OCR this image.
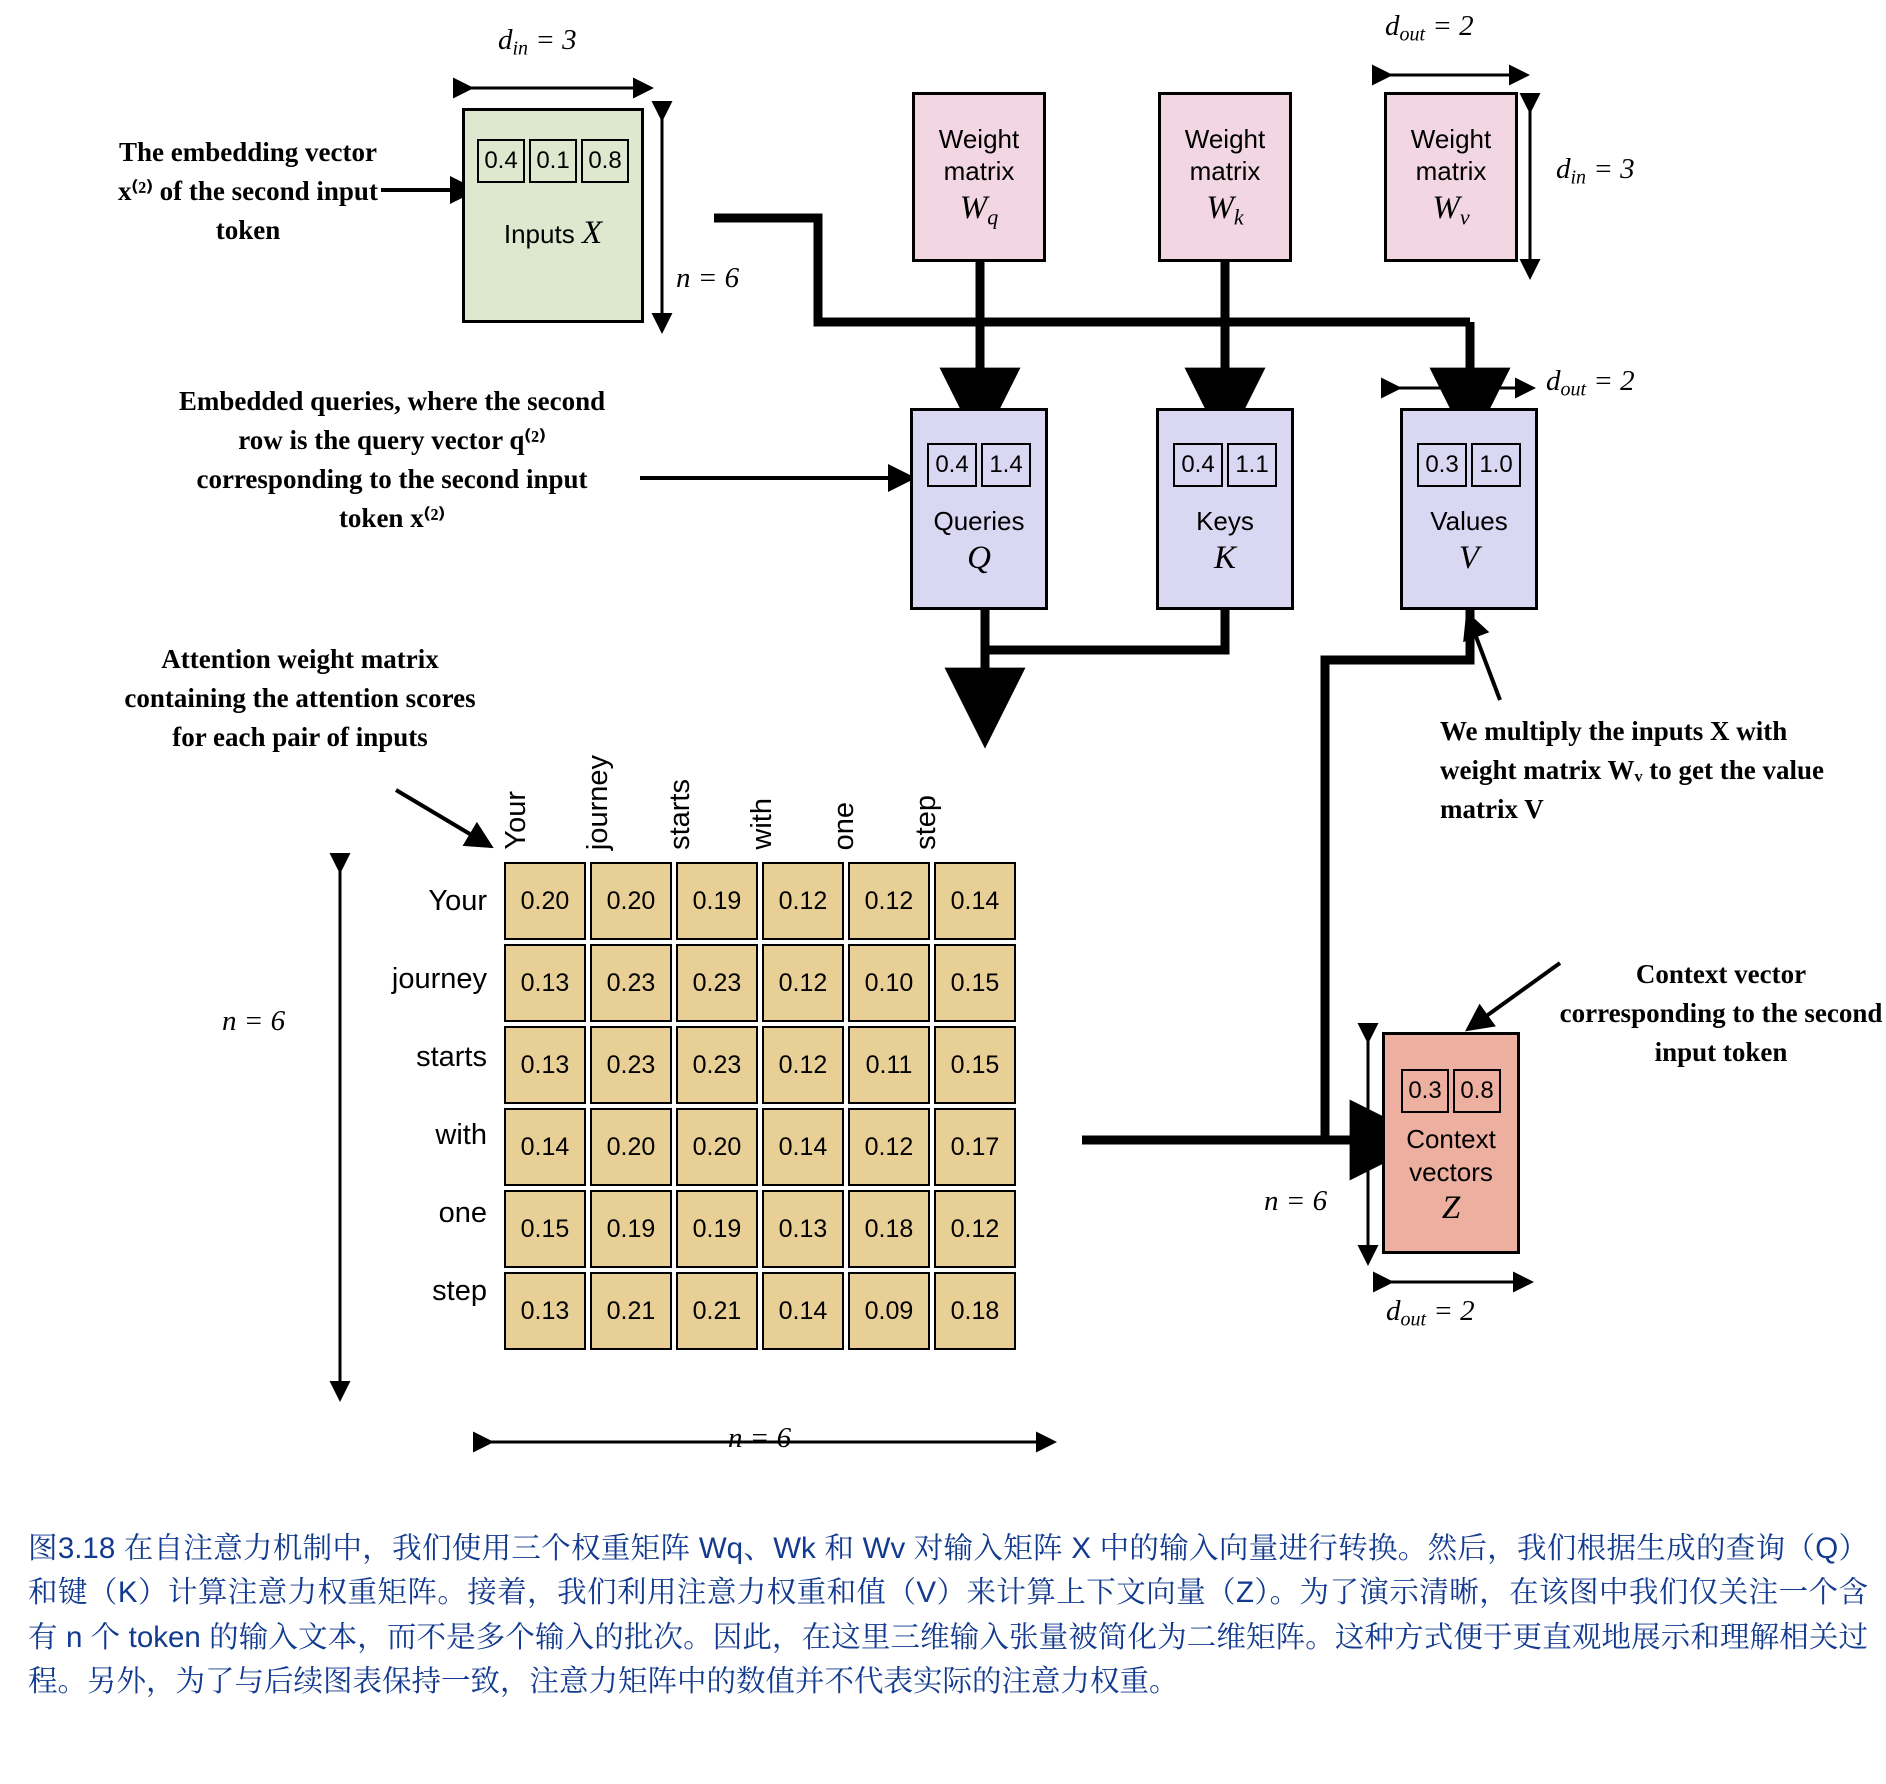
$d_{in} = 3$	$d_{out} = 2$
$d_{in} = 3$
n = 6
$d_{out} = 2$
n = 6
n = 6
n = 6
$d_{out} = 2$
The embedding vector x⁽²⁾ of the second input token
Embedded queries, where the second row is the query vector q⁽²⁾ corresponding to the second input token x⁽²⁾
Attention weight matrix containing the attention scores for each pair of inputs	We multiply the inputs X with weight matrix Wᵥ to get the value matrix V
Context vector corresponding to the second input token
0.4 0.1 0.8
Inputs X
Weight matrix
$W_q$
Weight matrix
$W_k$
Weight matrix
$W_v$
0.4 1.4
Queries
Q
0.4 1.1
Keys
K
0.3 1.0
Values
V
Your	journey	starts	with	one	step
Your
journey
starts
with
one
step
0.20	0.20	0.19	0.12	0.12	0.14
0.13	0.23	0.23	0.12	0.10	0.15
0.13	0.23	0.23	0.12	0.11	0.15
0.14	0.20	0.20	0.14	0.12	0.17
0.15	0.19	0.19	0.13	0.18	0.12
0.13	0.21	0.21	0.14	0.09	0.18
0.3 0.8
Context
vectors
Z
图3.18 在自注意力机制中，我们使用三个权重矩阵 Wq、Wk 和 Wv 对输入矩阵 X 中的输入向量进行转换。然后，我们根据生成的查询（Q）和键（K）计算注意力权重矩阵。接着，我们利用注意力权重和值（V）来计算上下文向量（Z）。为了演示清晰，在该图中我们仅关注一个含有 n 个 token 的输入文本，而不是多个输入的批次。因此，在这里三维输入张量被简化为二维矩阵。这种方式便于更直观地展示和理解相关过程。另外，为了与后续图表保持一致，注意力矩阵中的数值并不代表实际的注意力权重。
